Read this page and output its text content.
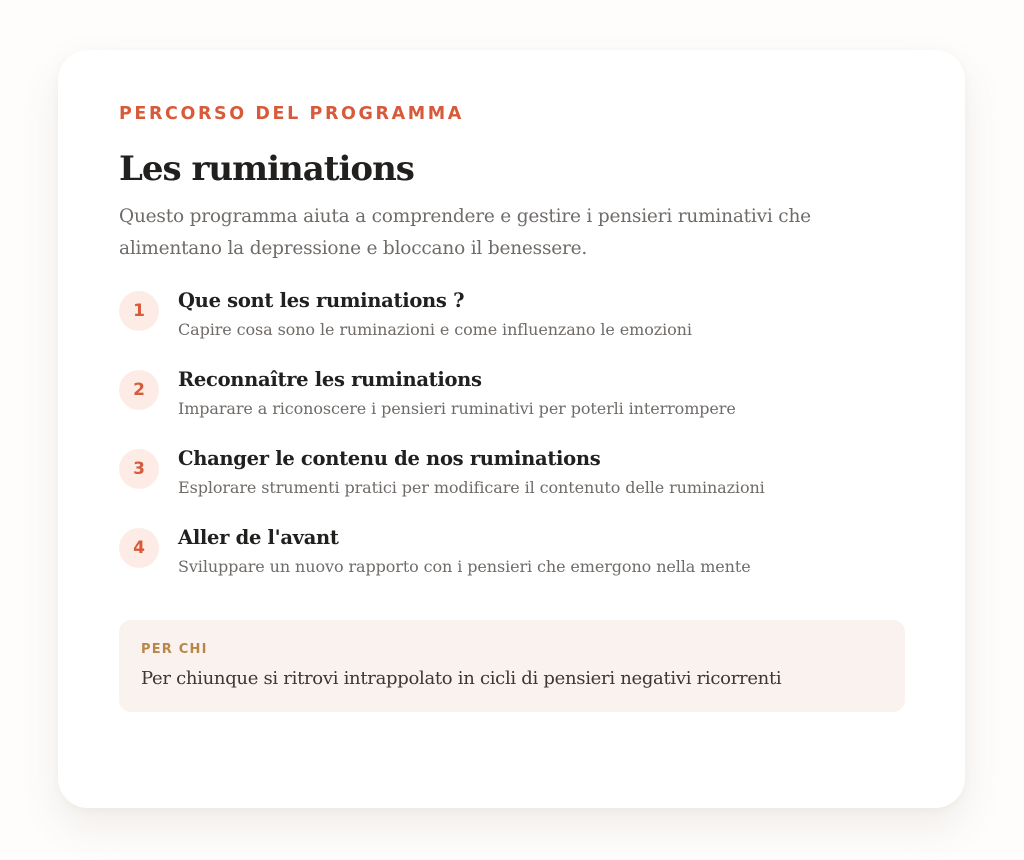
PERCORSO DEL PROGRAMMA

Les ruminations

Questo programma aiuta a comprendere e gestire i pensieri ruminativi che alimentano la depressione e bloccano il benessere.

1	Que sont les ruminations ?
Capire cosa sono le ruminazioni e come influenzano le emozioni
2	Reconnaître les ruminations
Imparare a riconoscere i pensieri ruminativi per poterli interrompere
3	Changer le contenu de nos ruminations
Esplorare strumenti pratici per modificare il contenuto delle ruminazioni
4	Aller de l'avant
Sviluppare un nuovo rapporto con i pensieri che emergono nella mente
PER CHI
Per chiunque si ritrovi intrappolato in cicli di pensieri negativi ricorrenti
